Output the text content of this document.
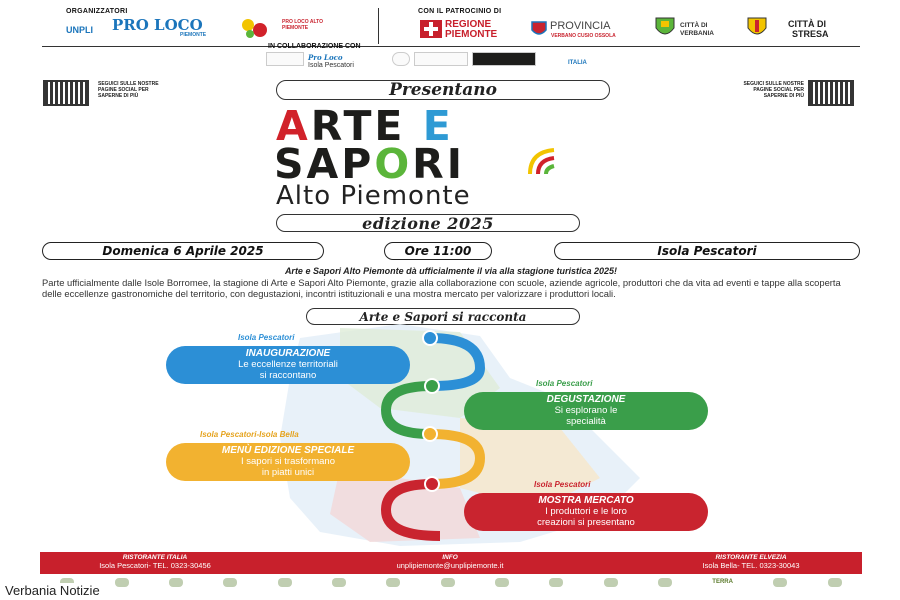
ORGANIZZATORI	CON IL PATROCINIO DI
UNPLI PRO LOCO
PIEMONTE
PRO LOCO ALTO PIEMONTE	REGIONE
PIEMONTE
PROVINCIA
VERBANO CUSIO OSSOLA
CITTÀ DI
VERBANIA
CITTÀ DI
STRESA
IN COLLABORAZIONE CON
Pro Loco
Isola Pescatori	ITALIA
SEGUICI SULLE NOSTRE PAGINE SOCIAL PER SAPERNE DI PIÙ
SEGUICI SULLE NOSTRE PAGINE SOCIAL PER SAPERNE DI PIÙ
Presentano
ARTE E
SAPORI
Alto Piemonte
edizione 2025
Domenica 6 Aprile 2025	Ore 11:00	Isola Pescatori
Arte e Sapori Alto Piemonte dà ufficialmente il via alla stagione turistica 2025!
Parte ufficialmente dalle Isole Borromee, la stagione di Arte e Sapori Alto Piemonte, grazie alla collaborazione con scuole, aziende agricole, produttori che da vita ad eventi e tappe alla scoperta delle eccellenze gastronomiche del territorio, con degustazioni, incontri istituzionali e una mostra mercato per valorizzare i produttori locali.
Arte e Sapori si racconta
Isola Pescatori
INAUGURAZIONE
Le eccellenze territoriali
si raccontano
Isola Pescatori
DEGUSTAZIONE
Si esplorano le
specialità
Isola Pescatori-Isola Bella
MENÙ EDIZIONE SPECIALE
I sapori si trasformano
in piatti unici
Isola Pescatori
MOSTRA MERCATO
I produttori e le loro
creazioni si presentano
RISTORANTE ITALIA
Isola Pescatori- TEL. 0323-30456
INFO
unplipiemonte@unplipiemonte.it
RISTORANTE ELVEZIA
Isola Bella- TEL. 0323-30043
TERRA
Verbania Notizie
